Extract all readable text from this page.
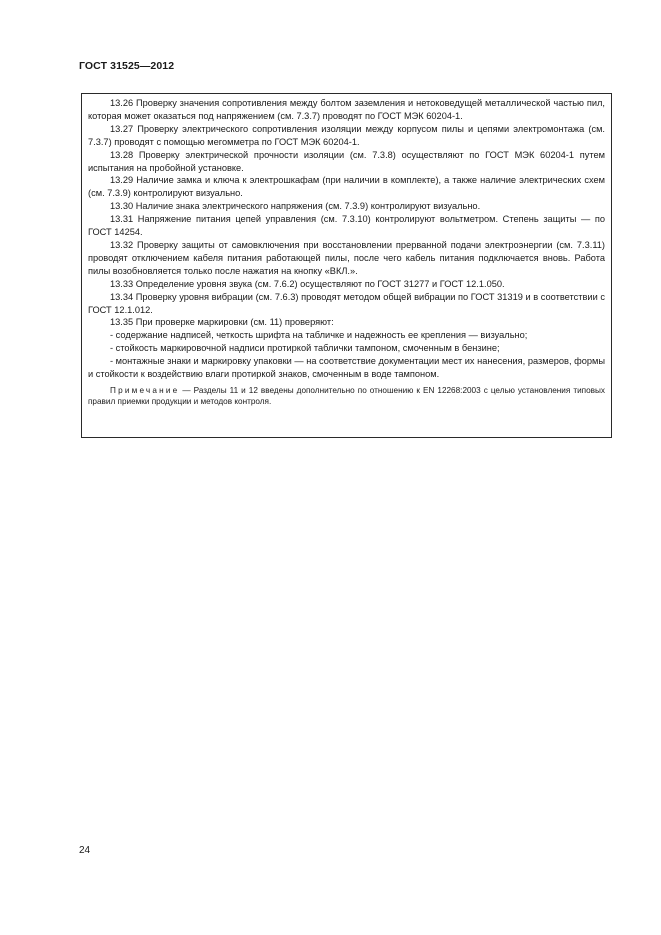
ГОСТ 31525—2012

13.26 Проверку значения сопротивления между болтом заземления и нетоковедущей металлической частью пил, которая может оказаться под напряжением (см. 7.3.7) проводят по ГОСТ МЭК 60204-1.

13.27 Проверку электрического сопротивления изоляции между корпусом пилы и цепями электромонтажа (см. 7.3.7) проводят с помощью мегомметра по ГОСТ МЭК 60204-1.

13.28 Проверку электрической прочности изоляции (см. 7.3.8) осуществляют по ГОСТ МЭК 60204-1 путем испытания на пробойной установке.

13.29 Наличие замка и ключа к электрошкафам (при наличии в комплекте), а также наличие электрических схем (см. 7.3.9) контролируют визуально.

13.30 Наличие знака электрического напряжения (см. 7.3.9) контролируют визуально.

13.31 Напряжение питания цепей управления (см. 7.3.10) контролируют вольтметром. Степень защиты — по ГОСТ 14254.

13.32 Проверку защиты от самовключения при восстановлении прерванной подачи электроэнергии (см. 7.3.11) проводят отключением кабеля питания работающей пилы, после чего кабель питания подключается вновь. Работа пилы возобновляется только после нажатия на кнопку «ВКЛ.».

13.33 Определение уровня звука (см. 7.6.2) осуществляют по ГОСТ 31277 и ГОСТ 12.1.050.

13.34 Проверку уровня вибрации (см. 7.6.3) проводят методом общей вибрации по ГОСТ 31319 и в соответствии с ГОСТ 12.1.012.

13.35 При проверке маркировки (см. 11) проверяют:

- содержание надписей, четкость шрифта на табличке и надежность ее крепления — визуально;

- стойкость маркировочной надписи протиркой таблички тампоном, смоченным в бензине;

- монтажные знаки и маркировку упаковки — на соответствие документации мест их нанесения, размеров, формы и стойкости к воздействию влаги протиркой знаков, смоченным в воде тампоном.

Примечание — Разделы 11 и 12 введены дополнительно по отношению к EN 12268:2003 с целью установления типовых правил приемки продукции и методов контроля.

24
